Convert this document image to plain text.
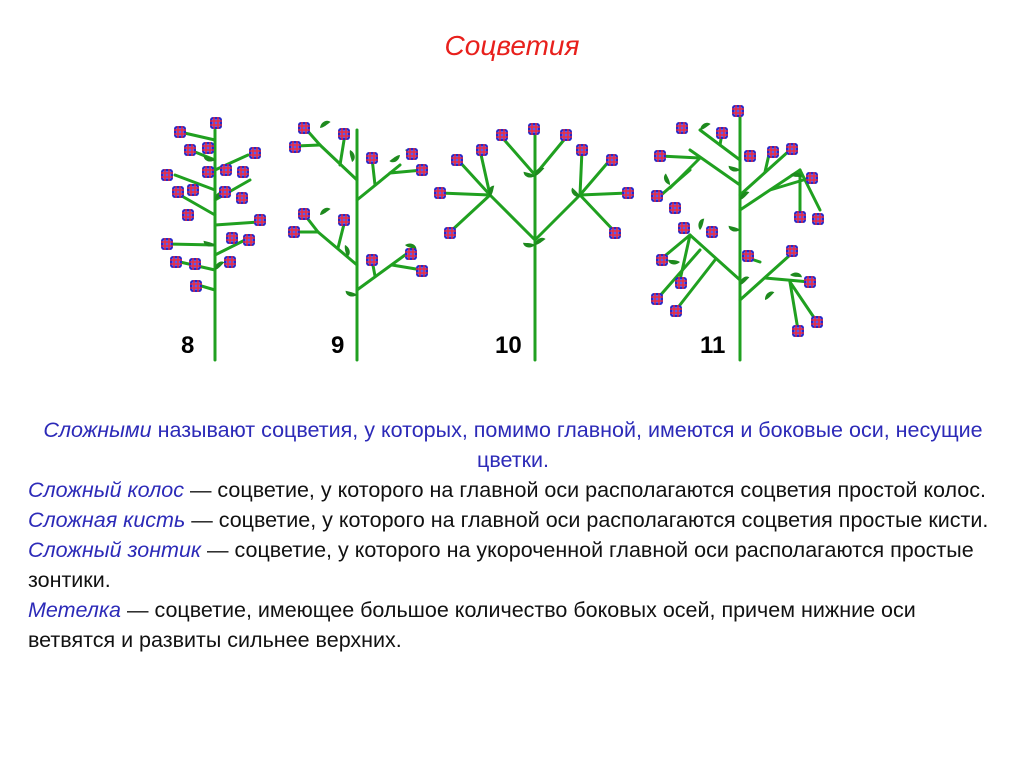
Соцветия
8	9	10	11

Сложными называют соцветия, у которых, помимо главной, имеются и боковые оси, несущие цветки.

Сложный колос — соцветие, у которого на главной оси располагаются соцветия простой колос.

Сложная кисть — соцветие, у которого на главной оси располагаются соцветия простые кисти.

Сложный зонтик — соцветие, у которого на укороченной главной оси располагаются простые зонтики.

Метелка — соцветие, имеющее большое количество боковых осей, причем нижние оси ветвятся и развиты сильнее верхних.
